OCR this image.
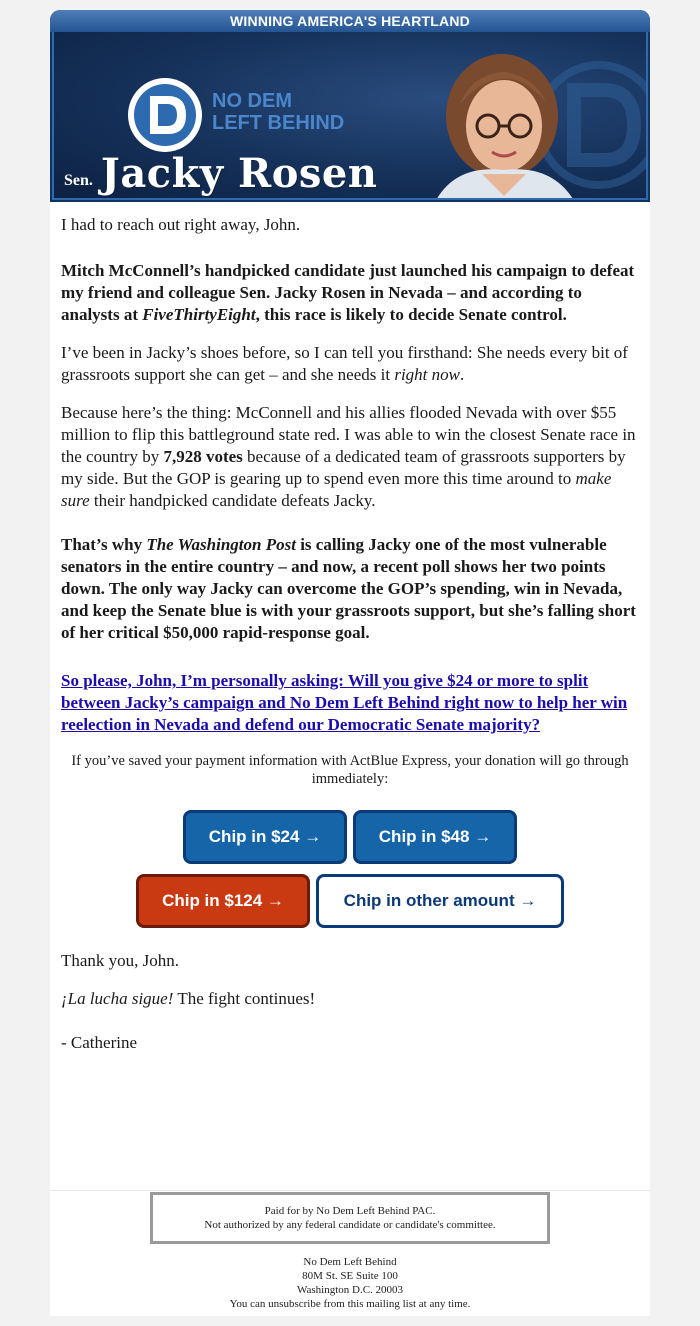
WINNING AMERICA'S HEARTLAND
NO DEM
LEFT BEHIND
Sen. Jacky Rosen

I had to reach out right away, John.

Mitch McConnell’s handpicked candidate just launched his campaign to defeat my friend and colleague Sen. Jacky Rosen in Nevada – and according to analysts at FiveThirtyEight, this race is likely to decide Senate control.

I’ve been in Jacky’s shoes before, so I can tell you firsthand: She needs every bit of grassroots support she can get – and she needs it right now.

Because here’s the thing: McConnell and his allies flooded Nevada with over $55 million to flip this battleground state red. I was able to win the closest Senate race in the country by 7,928 votes because of a dedicated team of grassroots supporters by my side. But the GOP is gearing up to spend even more this time around to make sure their handpicked candidate defeats Jacky.

That’s why The Washington Post is calling Jacky one of the most vulnerable senators in the entire country – and now, a recent poll shows her two points down. The only way Jacky can overcome the GOP’s spending, win in Nevada, and keep the Senate blue is with your grassroots support, but she’s falling short of her critical $50,000 rapid-response goal.

So please, John, I’m personally asking: Will you give $24 or more to split between Jacky’s campaign and No Dem Left Behind right now to help her win reelection in Nevada and defend our Democratic Senate majority?

If you’ve saved your payment information with ActBlue Express, your donation will go through immediately:

Chip in $24 →	Chip in $48 →
Chip in $124 →	Chip in other amount →

Thank you, John.

¡La lucha sigue! The fight continues!

- Catherine

Paid for by No Dem Left Behind PAC.
Not authorized by any federal candidate or candidate's committee.
No Dem Left Behind
80M St. SE Suite 100
Washington D.C. 20003
You can unsubscribe from this mailing list at any time.
